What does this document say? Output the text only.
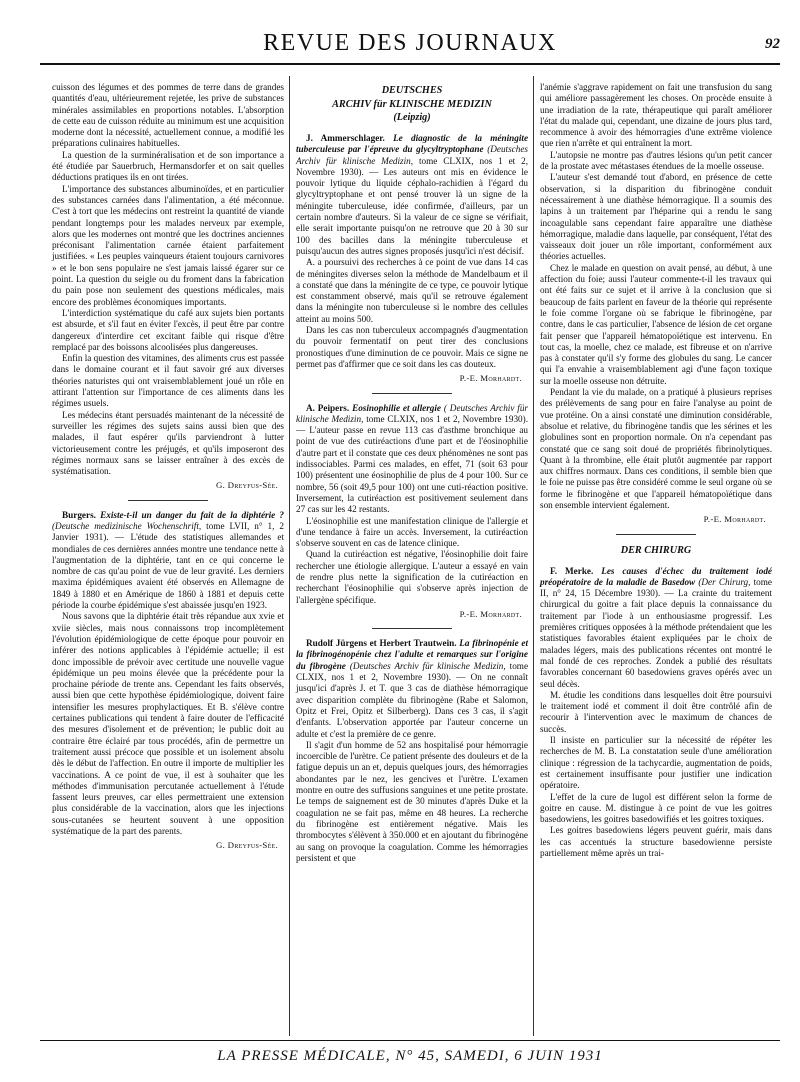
REVUE DES JOURNAUX	92

cuisson des légumes et des pommes de terre dans de grandes quantités d'eau, ultérieurement rejetée, les prive de substances minérales assimilables en proportions notables. L'absorption de cette eau de cuisson réduite au minimum est une acquisition moderne dont la nécessité, actuellement connue, a modifié les préparations culinaires habituelles.

La question de la surminéralisation et de son importance a été étudiée par Sauerbruch, Hermansdorfer et on sait quelles déductions pratiques ils en ont tirées.

L'importance des substances albuminoïdes, et en particulier des substances carnées dans l'alimentation, a été méconnue. C'est à tort que les médecins ont restreint la quantité de viande pendant longtemps pour les malades nerveux par exemple, alors que les modernes ont montré que les doctrines anciennes préconisant l'alimentation carnée étaient parfaitement justifiées. « Les peuples vainqueurs étaient toujours carnivores » et le bon sens populaire ne s'est jamais laissé égarer sur ce point. La question du seigle ou du froment dans la fabrication du pain pose non seulement des questions médicales, mais encore des problèmes économiques importants.

L'interdiction systématique du café aux sujets bien portants est absurde, et s'il faut en éviter l'excès, il peut être par contre dangereux d'interdire cet excitant faible qui risque d'être remplacé par des boissons alcoolisées plus dangereuses.

Enfin la question des vitamines, des aliments crus est passée dans le domaine courant et il faut savoir gré aux diverses théories naturistes qui ont vraisemblablement joué un rôle en attirant l'attention sur l'importance de ces aliments dans les régimes usuels.

Les médecins étant persuadés maintenant de la nécessité de surveiller les régimes des sujets sains aussi bien que des malades, il faut espérer qu'ils parviendront à lutter victorieusement contre les préjugés, et qu'ils imposeront des régimes normaux sans se laisser entraîner à des excès de systématisation.

G. Dreyfus-Sée.

Burgers. Existe-t-il un danger du fait de la diphtérie ? (Deutsche medizinische Wochenschrift, tome LVII, n° 1, 2 Janvier 1931). — L'étude des statistiques allemandes et mondiales de ces dernières années montre une tendance nette à l'augmentation de la diphtérie, tant en ce qui concerne le nombre de cas qu'au point de vue de leur gravité. Les derniers maxima épidémiques avaient été observés en Allemagne de 1849 à 1880 et en Amérique de 1860 à 1881 et depuis cette période la courbe épidémique s'est abaissée jusqu'en 1923.

Nous savons que la diphtérie était très répandue aux xvie et xviie siècles, mais nous connaissons trop incomplètement l'évolution épidémiologique de cette époque pour pouvoir en inférer des notions applicables à l'épidémie actuelle; il est donc impossible de prévoir avec certitude une nouvelle vague épidémique un peu moins élevée que la précédente pour la prochaine période de trente ans. Cependant les faits observés, aussi bien que cette hypothèse épidémiologique, doivent faire intensifier les mesures prophylactiques. Et B. s'élève contre certaines publications qui tendent à faire douter de l'efficacité des mesures d'isolement et de prévention; le public doit au contraire être éclairé par tous procédés, afin de permettre un traitement aussi précoce que possible et un isolement absolu dès le début de l'affection. En outre il importe de multiplier les vaccinations. A ce point de vue, il est à souhaiter que les méthodes d'immunisation percutanée actuellement à l'étude fassent leurs preuves, car elles permettraient une extension plus considérable de la vaccination, alors que les injections sous-cutanées se heurtent souvent à une opposition systématique de la part des parents.

G. Dreyfus-Sée.
DEUTSCHES
ARCHIV für KLINISCHE MEDIZIN
(Leipzig)

J. Ammerschlager. Le diagnostic de la méningite tuberculeuse par l'épreuve du glycyltryptophane (Deutsches Archiv für klinische Medizin, tome CLXIX, nos 1 et 2, Novembre 1930). — Les auteurs ont mis en évidence le pouvoir lytique du liquide céphalo-rachidien à l'égard du glycyltryptophane et ont pensé trouver là un signe de la méningite tuberculeuse, idée confirmée, d'ailleurs, par un certain nombre d'auteurs. Si la valeur de ce signe se vérifiait, elle serait importante puisqu'on ne retrouve que 20 à 30 sur 100 des bacilles dans la méningite tuberculeuse et puisqu'aucun des autres signes proposés jusqu'ici n'est décisif.

A. a poursuivi des recherches à ce point de vue dans 14 cas de méningites diverses selon la méthode de Mandelbaum et il a constaté que dans la méningite de ce type, ce pouvoir lytique est constamment observé, mais qu'il se retrouve également dans la méningite non tuberculeuse si le nombre des cellules atteint au moins 500.

Dans les cas non tuberculeux accompagnés d'augmentation du pouvoir fermentatif on peut tirer des conclusions pronostiques d'une diminution de ce pouvoir. Mais ce signe ne permet pas d'affirmer que ce soit dans les cas douteux.

P.-E. Morhardt.

A. Peipers. Eosinophilie et allergie ( Deutsches Archiv für klinische Medizin, tome CLXIX, nos 1 et 2, Novembre 1930). — L'auteur passe en revue 113 cas d'asthme bronchique au point de vue des cutiréactions d'une part et de l'éosinophilie d'autre part et il constate que ces deux phénomènes ne sont pas indissociables. Parmi ces malades, en effet, 71 (soit 63 pour 100) présentent une éosinophilie de plus de 4 pour 100. Sur ce nombre, 56 (soit 49,5 pour 100) ont une cuti-réaction positive. Inversement, la cutiréaction est positivement seulement dans 27 cas sur les 42 restants.

L'éosinophilie est une manifestation clinique de l'allergie et d'une tendance à faire un accès. Inversement, la cutiréaction s'observe souvent en cas de latence clinique.

Quand la cutiréaction est négative, l'éosinophilie doit faire rechercher une étiologie allergique. L'auteur a essayé en vain de rendre plus nette la signification de la cutiréaction en recherchant l'éosinophilie qui s'observe après injection de l'allergène spécifique.

P.-E. Morhardt.

Rudolf Jürgens et Herbert Trautwein. La fibrinopénie et la fibrinogénopénie chez l'adulte et remarques sur l'origine du fibrogène (Deutsches Archiv für klinische Medizin, tome CLXIX, nos 1 et 2, Novembre 1930). — On ne connaît jusqu'ici d'après J. et T. que 3 cas de diathèse hémorragique avec disparition complète du fibrinogène (Rabe et Salomon, Opitz et Frei, Opitz et Silberberg). Dans ces 3 cas, il s'agit d'enfants. L'observation apportée par l'auteur concerne un adulte et c'est la première de ce genre.

Il s'agit d'un homme de 52 ans hospitalisé pour hémorragie incoercible de l'urètre. Ce patient présente des douleurs et de la fatigue depuis un an et, depuis quelques jours, des hémorragies abondantes par le nez, les gencives et l'urètre. L'examen montre en outre des suffusions sanguines et une petite prostate. Le temps de saignement est de 30 minutes d'après Duke et la coagulation ne se fait pas, même en 48 heures. La recherche du fibrinogène est entièrement négative. Mais les thrombocytes s'élèvent à 350.000 et en ajoutant du fibrinogène au sang on provoque la coagulation. Comme les hémorragies persistent et que

l'anémie s'aggrave rapidement on fait une transfusion du sang qui améliore passagèrement les choses. On procède ensuite à une irradiation de la rate, thérapeutique qui paraît améliorer l'état du malade qui, cependant, une dizaine de jours plus tard, recommence à avoir des hémorragies d'une extrême violence que rien n'arrête et qui entraînent la mort.

L'autopsie ne montre pas d'autres lésions qu'un petit cancer de la prostate avec métastases étendues de la moelle osseuse.

L'auteur s'est demandé tout d'abord, en présence de cette observation, si la disparition du fibrinogène conduit nécessairement à une diathèse hémorragique. Il a soumis des lapins à un traitement par l'héparine qui a rendu le sang incoagulable sans cependant faire apparaître une diathèse hémorragique, maladie dans laquelle, par conséquent, l'état des vaisseaux doit jouer un rôle important, conformément aux théories actuelles.

Chez le malade en question on avait pensé, au début, à une affection du foie; aussi l'auteur commente-t-il les travaux qui ont été faits sur ce sujet et il arrive à la conclusion que si beaucoup de faits parlent en faveur de la théorie qui représente le foie comme l'organe où se fabrique le fibrinogène, par contre, dans le cas particulier, l'absence de lésion de cet organe fait penser que l'appareil hématopoïétique est intervenu. En tout cas, la moelle, chez ce malade, est fibreuse et on n'arrive pas à constater qu'il s'y forme des globules du sang. Le cancer qui l'a envahie a vraisemblablement agi d'une façon toxique sur la moelle osseuse non détruite.

Pendant la vie du malade, on a pratiqué à plusieurs reprises des prélèvements de sang pour en faire l'analyse au point de vue protéine. On a ainsi constaté une diminution considérable, absolue et relative, du fibrinogène tandis que les sérines et les globulines sont en proportion normale. On n'a cependant pas constaté que ce sang soit doué de propriétés fibrinolytiques. Quant à la thrombine, elle était plutôt augmentée par rapport aux chiffres normaux. Dans ces conditions, il semble bien que le foie ne puisse pas être considéré comme le seul organe où se forme le fibrinogène et que l'appareil hématopoïétique dans son ensemble intervient également.

P.-E. Morhardt.
DER CHIRURG

F. Merke. Les causes d'échec du traitement iodé préopératoire de la maladie de Basedow (Der Chirurg, tome II, n° 24, 15 Décembre 1930). — La crainte du traitement chirurgical du goitre a fait place depuis la connaissance du traitement par l'iode à un enthousiasme progressif. Les premières critiques opposées à la méthode prétendaient que les statistiques favorables étaient expliquées par le choix de malades légers, mais des publications récentes ont montré le mal fondé de ces reproches. Zondek a publié des résultats favorables concernant 60 basedowiens graves opérés avec un seul décès.

M. étudie les conditions dans lesquelles doit être poursuivi le traitement iodé et comment il doit être contrôlé afin de recourir à l'intervention avec le maximum de chances de succès.

Il insiste en particulier sur la nécessité de répéter les recherches de M. B. La constatation seule d'une amélioration clinique : régression de la tachycardie, augmentation de poids, est certainement insuffisante pour justifier une indication opératoire.

L'effet de la cure de lugol est différent selon la forme de goitre en cause. M. distingue à ce point de vue les goitres basedowiens, les goitres basedowifiés et les goitres toxiques.

Les goitres basedowiens légers peuvent guérir, mais dans les cas accentués la structure basedowienne persiste partiellement même après un trai-

LA PRESSE MÉDICALE, N° 45, SAMEDI, 6 JUIN 1931
